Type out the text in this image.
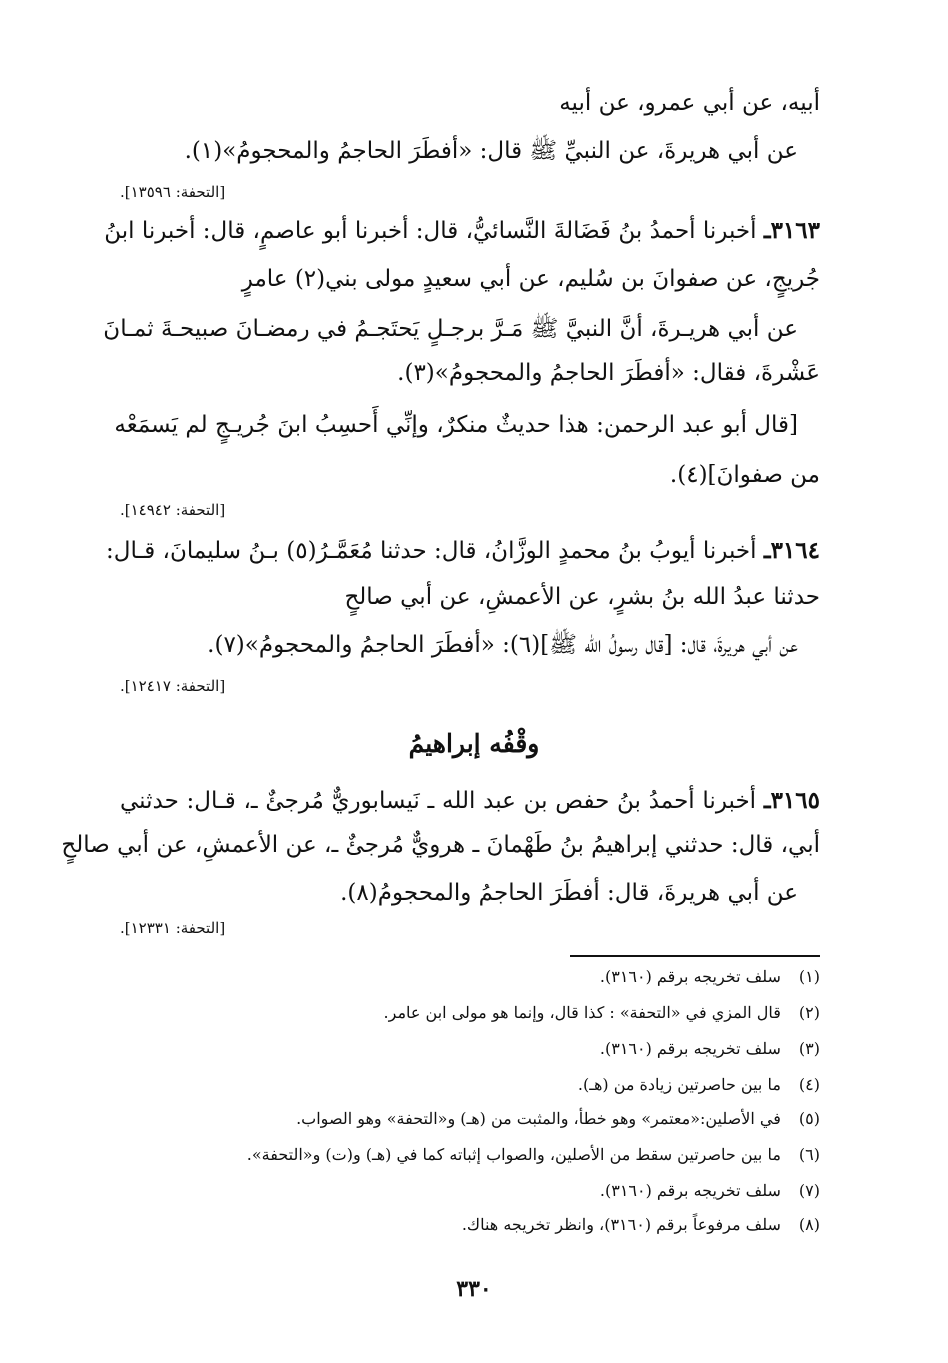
أبيه، عن أبي عمرو، عن أبيه
عن أبي هريرةَ، عن النبيِّ ﷺ قال: «أفطَرَ الحاجمُ والمحجومُ»(١).
[التحفة: ١٣٥٩٦].
٣١٦٣ـ أخبرنا أحمدُ بنُ فَضَالةَ النَّسائيُّ، قال: أخبرنا أبو عاصمٍ، قال: أخبرنا ابنُ
جُريجٍ، عن صفوانَ بن سُليم، عن أبي سعيدٍ مولى بني(٢) عامرٍ
عن أبي هريـرةَ، أنَّ النبيَّ ﷺ مَـرَّ برجـلٍ يَحتَجـمُ في رمضـانَ صبيحـةَ ثمـانَ
عَشْرةَ، فقال: «أفطَرَ الحاجمُ والمحجومُ»(٣).
[قال أبو عبد الرحمن: هذا حديثٌ منكرٌ، وإنِّي أَحسِبُ ابنَ جُريـجٍ لم يَسمَعْه
من صفوانَ](٤).
[التحفة: ١٤٩٤٢].
٣١٦٤ـ أخبرنا أيوبُ بنُ محمدٍ الوزَّانُ، قال: حدثنا مُعَمَّـرُ(٥) بـنُ سليمانَ، قـال:
حدثنا عبدُ الله بنُ بشرٍ، عن الأعمشِ، عن أبي صالحٍ
عن أبي هريرةَ، قال: [قال رسولُ الله ﷺ](٦): «أفطَرَ الحاجمُ والمحجومُ»(٧).
[التحفة: ١٢٤١٧].
وقْفُه إبراهيمُ
٣١٦٥ـ أخبرنا أحمدُ بنُ حفص بن عبد الله ـ نَيسابوريٌّ مُرجئٌ ـ، قـال: حدثني
أبي، قال: حدثني إبراهيمُ بنُ طَهْمانَ ـ هرويٌّ مُرجئٌ ـ، عن الأعمشِ، عن أبي صالحٍ
عن أبي هريرةَ، قال: أفطَرَ الحاجمُ والمحجومُ(٨).
[التحفة: ١٢٣٣١].
(١) سلف تخريجه برقم (٣١٦٠).
(٢) قال المزي في «التحفة» : كذا قال، وإنما هو مولى ابن عامر.
(٣) سلف تخريجه برقم (٣١٦٠).
(٤) ما بين حاصرتين زيادة من (هـ).
(٥) في الأصلين:«معتمر» وهو خطأ، والمثبت من (هـ) و«التحفة» وهو الصواب.
(٦) ما بين حاصرتين سقط من الأصلين، والصواب إثباته كما في (هـ) و(ت) و«التحفة».
(٧) سلف تخريجه برقم (٣١٦٠).
(٨) سلف مرفوعاً برقم (٣١٦٠)، وانظر تخريجه هناك.
٣٣٠
